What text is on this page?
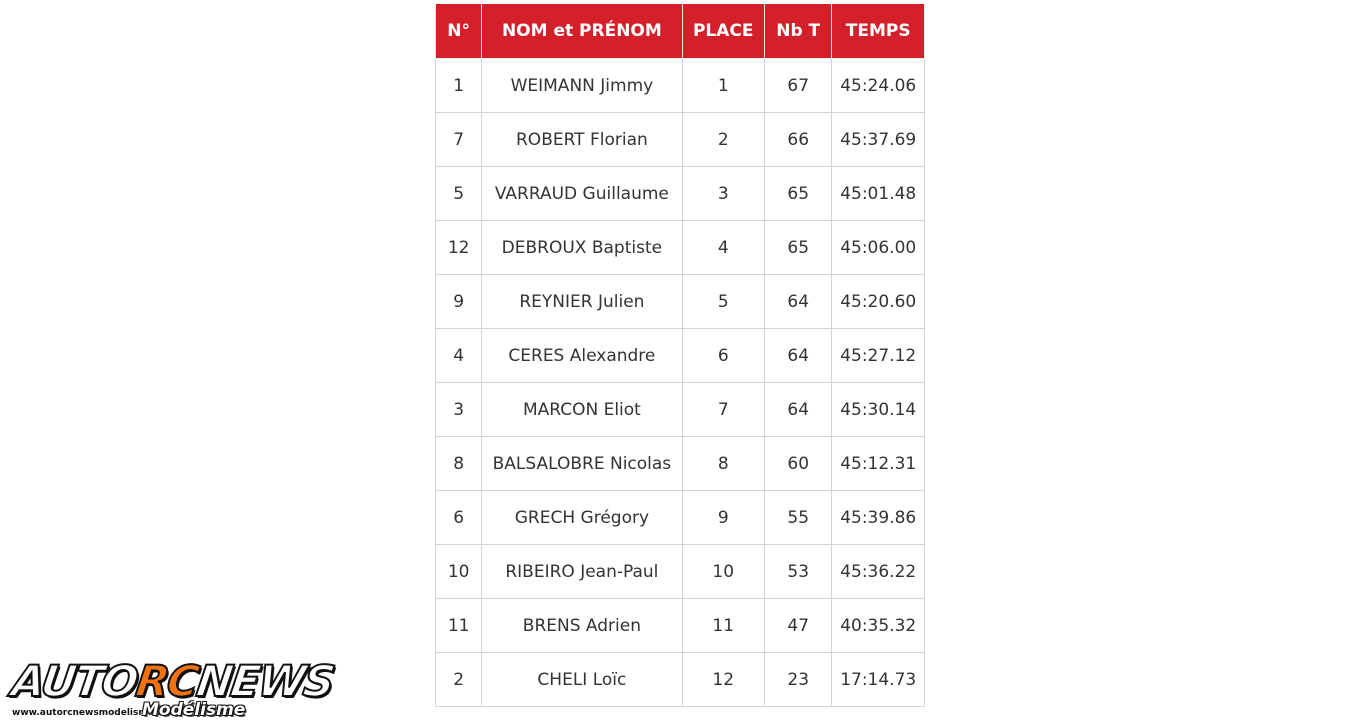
N°	NOM et PRÉNOM	PLACE	Nb T	TEMPS
1	WEIMANN Jimmy	1	67	45:24.06
7	ROBERT Florian	2	66	45:37.69
5	VARRAUD Guillaume	3	65	45:01.48
12	DEBROUX Baptiste	4	65	45:06.00
9	REYNIER Julien	5	64	45:20.60
4	CERES Alexandre	6	64	45:27.12
3	MARCON Eliot	7	64	45:30.14
8	BALSALOBRE Nicolas	8	60	45:12.31
6	GRECH Grégory	9	55	45:39.86
10	RIBEIRO Jean-Paul	10	53	45:36.22
11	BRENS Adrien	11	47	40:35.32
2	CHELI Loïc	12	23	17:14.73
AUTORCNEWS
www.autorcnewsmodelisme.fr
Modélisme
